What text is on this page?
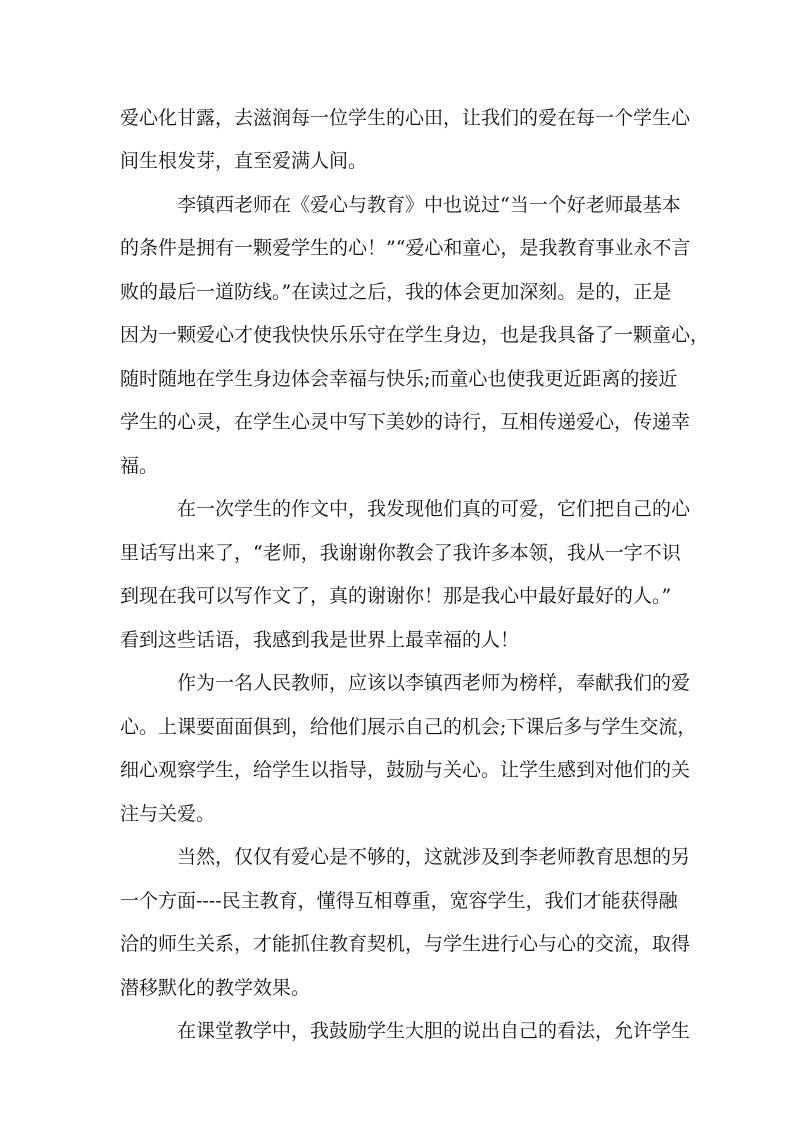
爱心化甘露，去滋润每一位学生的心田，让我们的爱在每一个学生心
间生根发芽，直至爱满人间。
李镇西老师在《爱心与教育》中也说过“当一个好老师最基本
的条件是拥有一颗爱学生的心！”“爱心和童心，是我教育事业永不言
败的最后一道防线。”在读过之后，我的体会更加深刻。是的，正是
因为一颗爱心才使我快快乐乐守在学生身边，也是我具备了一颗童心，
随时随地在学生身边体会幸福与快乐;而童心也使我更近距离的接近
学生的心灵，在学生心灵中写下美妙的诗行，互相传递爱心，传递幸
福。
在一次学生的作文中，我发现他们真的可爱，它们把自己的心
里话写出来了，“老师，我谢谢你教会了我许多本领，我从一字不识
到现在我可以写作文了，真的谢谢你！那是我心中最好最好的人。”
看到这些话语，我感到我是世界上最幸福的人！
作为一名人民教师，应该以李镇西老师为榜样，奉献我们的爱
心。上课要面面俱到，给他们展示自己的机会;下课后多与学生交流，
细心观察学生，给学生以指导，鼓励与关心。让学生感到对他们的关
注与关爱。
当然，仅仅有爱心是不够的，这就涉及到李老师教育思想的另
一个方面----民主教育，懂得互相尊重，宽容学生，我们才能获得融
洽的师生关系，才能抓住教育契机，与学生进行心与心的交流，取得
潜移默化的教学效果。
在课堂教学中，我鼓励学生大胆的说出自己的看法，允许学生
